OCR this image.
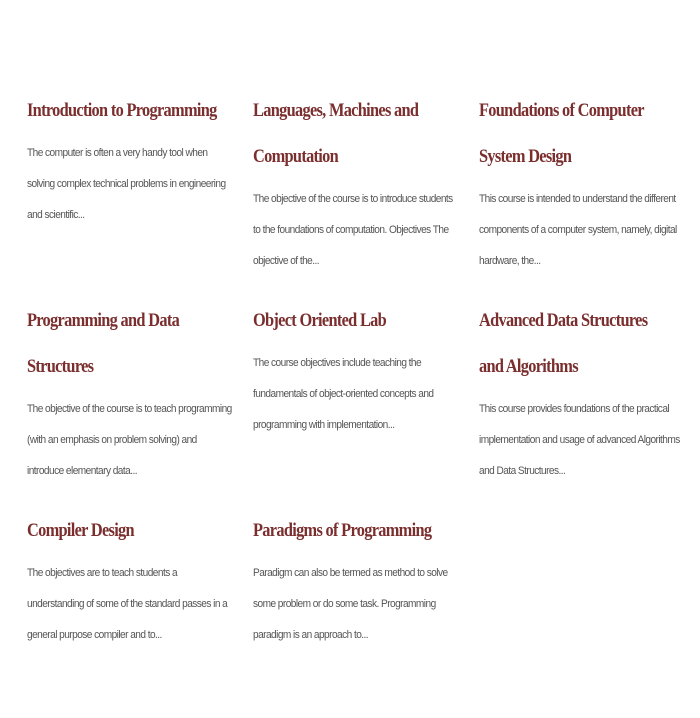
Introduction to Programming

The computer is often a very handy tool when solving complex technical problems in engineering and scientific...

Languages, Machines and Computation

The objective of the course is to introduce students to the foundations of computation. Objectives The objective of the...

Foundations of Computer System Design

This course is intended to understand the different components of a computer system, namely, digital hardware, the...

Programming and Data Structures

The objective of the course is to teach programming (with an emphasis on problem solving) and introduce elementary data...

Object Oriented Lab

The course objectives include teaching the fundamentals of object-oriented concepts and programming with implementation...

Advanced Data Structures and Algorithms

This course provides foundations of the practical implementation and usage of advanced Algorithms and Data Structures...

Compiler Design

The objectives are to teach students a understanding of some of the standard passes in a general purpose compiler and to...

Paradigms of Programming

Paradigm can also be termed as method to solve some problem or do some task. Programming paradigm is an approach to...
